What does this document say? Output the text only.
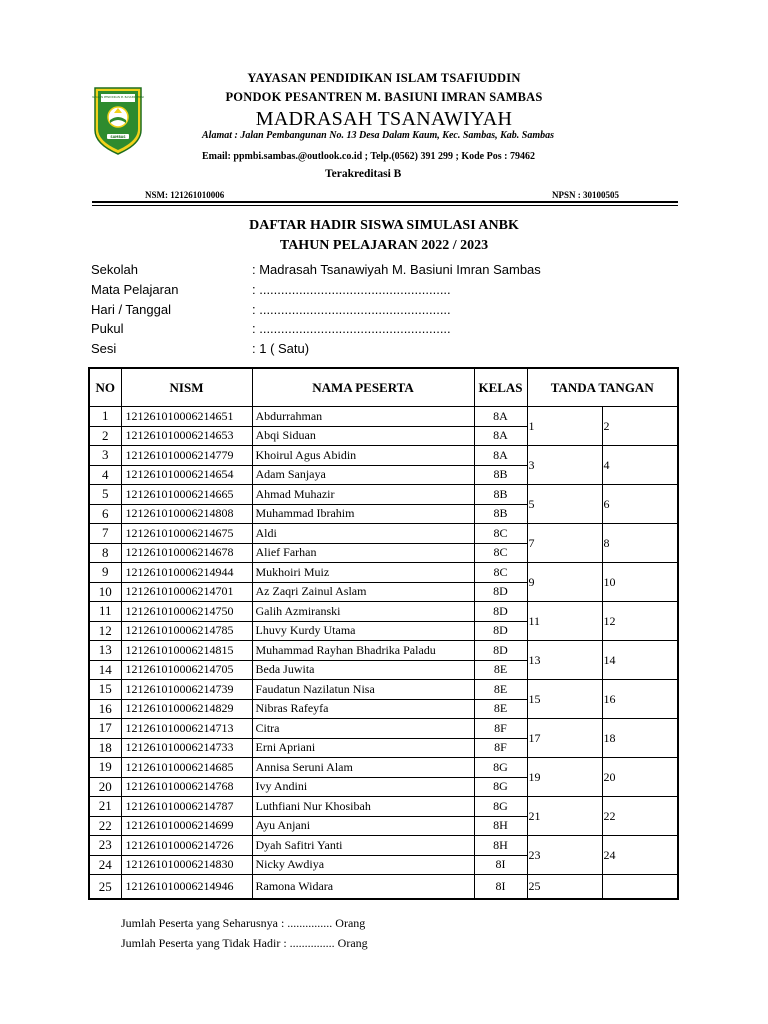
YAYASAN PENDIDIKAN M. BASIUNI IMRAN
SAMBAS
YAYASAN PENDIDIKAN ISLAM TSAFIUDDIN
PONDOK PESANTREN M. BASIUNI IMRAN SAMBAS
MADRASAH TSANAWIYAH
Alamat : Jalan Pembangunan No. 13 Desa Dalam Kaum, Kec. Sambas, Kab. Sambas
Email: ppmbi.sambas.@outlook.co.id ; Telp.(0562) 391 299 ; Kode Pos : 79462
Terakreditasi B
NSM: 121261010006	NPSN : 30100505
DAFTAR HADIR SISWA SIMULASI ANBK
TAHUN PELAJARAN 2022 / 2023
Sekolah	: Madrasah Tsanawiyah M. Basiuni Imran Sambas
Mata Pelajaran	: .....................................................
Hari / Tanggal	: .....................................................
Pukul	: .....................................................
Sesi	: 1 ( Satu)
NO	NISM	NAMA PESERTA	KELAS	TANDA TANGAN	
1	121261010006214651	Abdurrahman	8A	1	2
2	121261010006214653	Abqi Siduan	8A		
3	121261010006214779	Khoirul Agus Abidin	8A	3	4
4	121261010006214654	Adam Sanjaya	8B		
5	121261010006214665	Ahmad Muhazir	8B	5	6
6	121261010006214808	Muhammad Ibrahim	8B		
7	121261010006214675	Aldi	8C	7	8
8	121261010006214678	Alief Farhan	8C		
9	121261010006214944	Mukhoiri Muiz	8C	9	10
10	121261010006214701	Az Zaqri Zainul Aslam	8D		
11	121261010006214750	Galih Azmiranski	8D	11	12
12	121261010006214785	Lhuvy Kurdy Utama	8D		
13	121261010006214815	Muhammad Rayhan Bhadrika Paladu	8D	13	14
14	121261010006214705	Beda Juwita	8E		
15	121261010006214739	Faudatun Nazilatun Nisa	8E	15	16
16	121261010006214829	Nibras Rafeyfa	8E		
17	121261010006214713	Citra	8F	17	18
18	121261010006214733	Erni Apriani	8F		
19	121261010006214685	Annisa Seruni Alam	8G	19	20
20	121261010006214768	Ivy Andini	8G		
21	121261010006214787	Luthfiani Nur Khosibah	8G	21	22
22	121261010006214699	Ayu Anjani	8H		
23	121261010006214726	Dyah Safitri Yanti	8H	23	24
24	121261010006214830	Nicky Awdiya	8I		
25	121261010006214946	Ramona Widara	8I	25	
Jumlah Peserta yang Seharusnya : ............... Orang
Jumlah Peserta yang Tidak Hadir : ............... Orang
